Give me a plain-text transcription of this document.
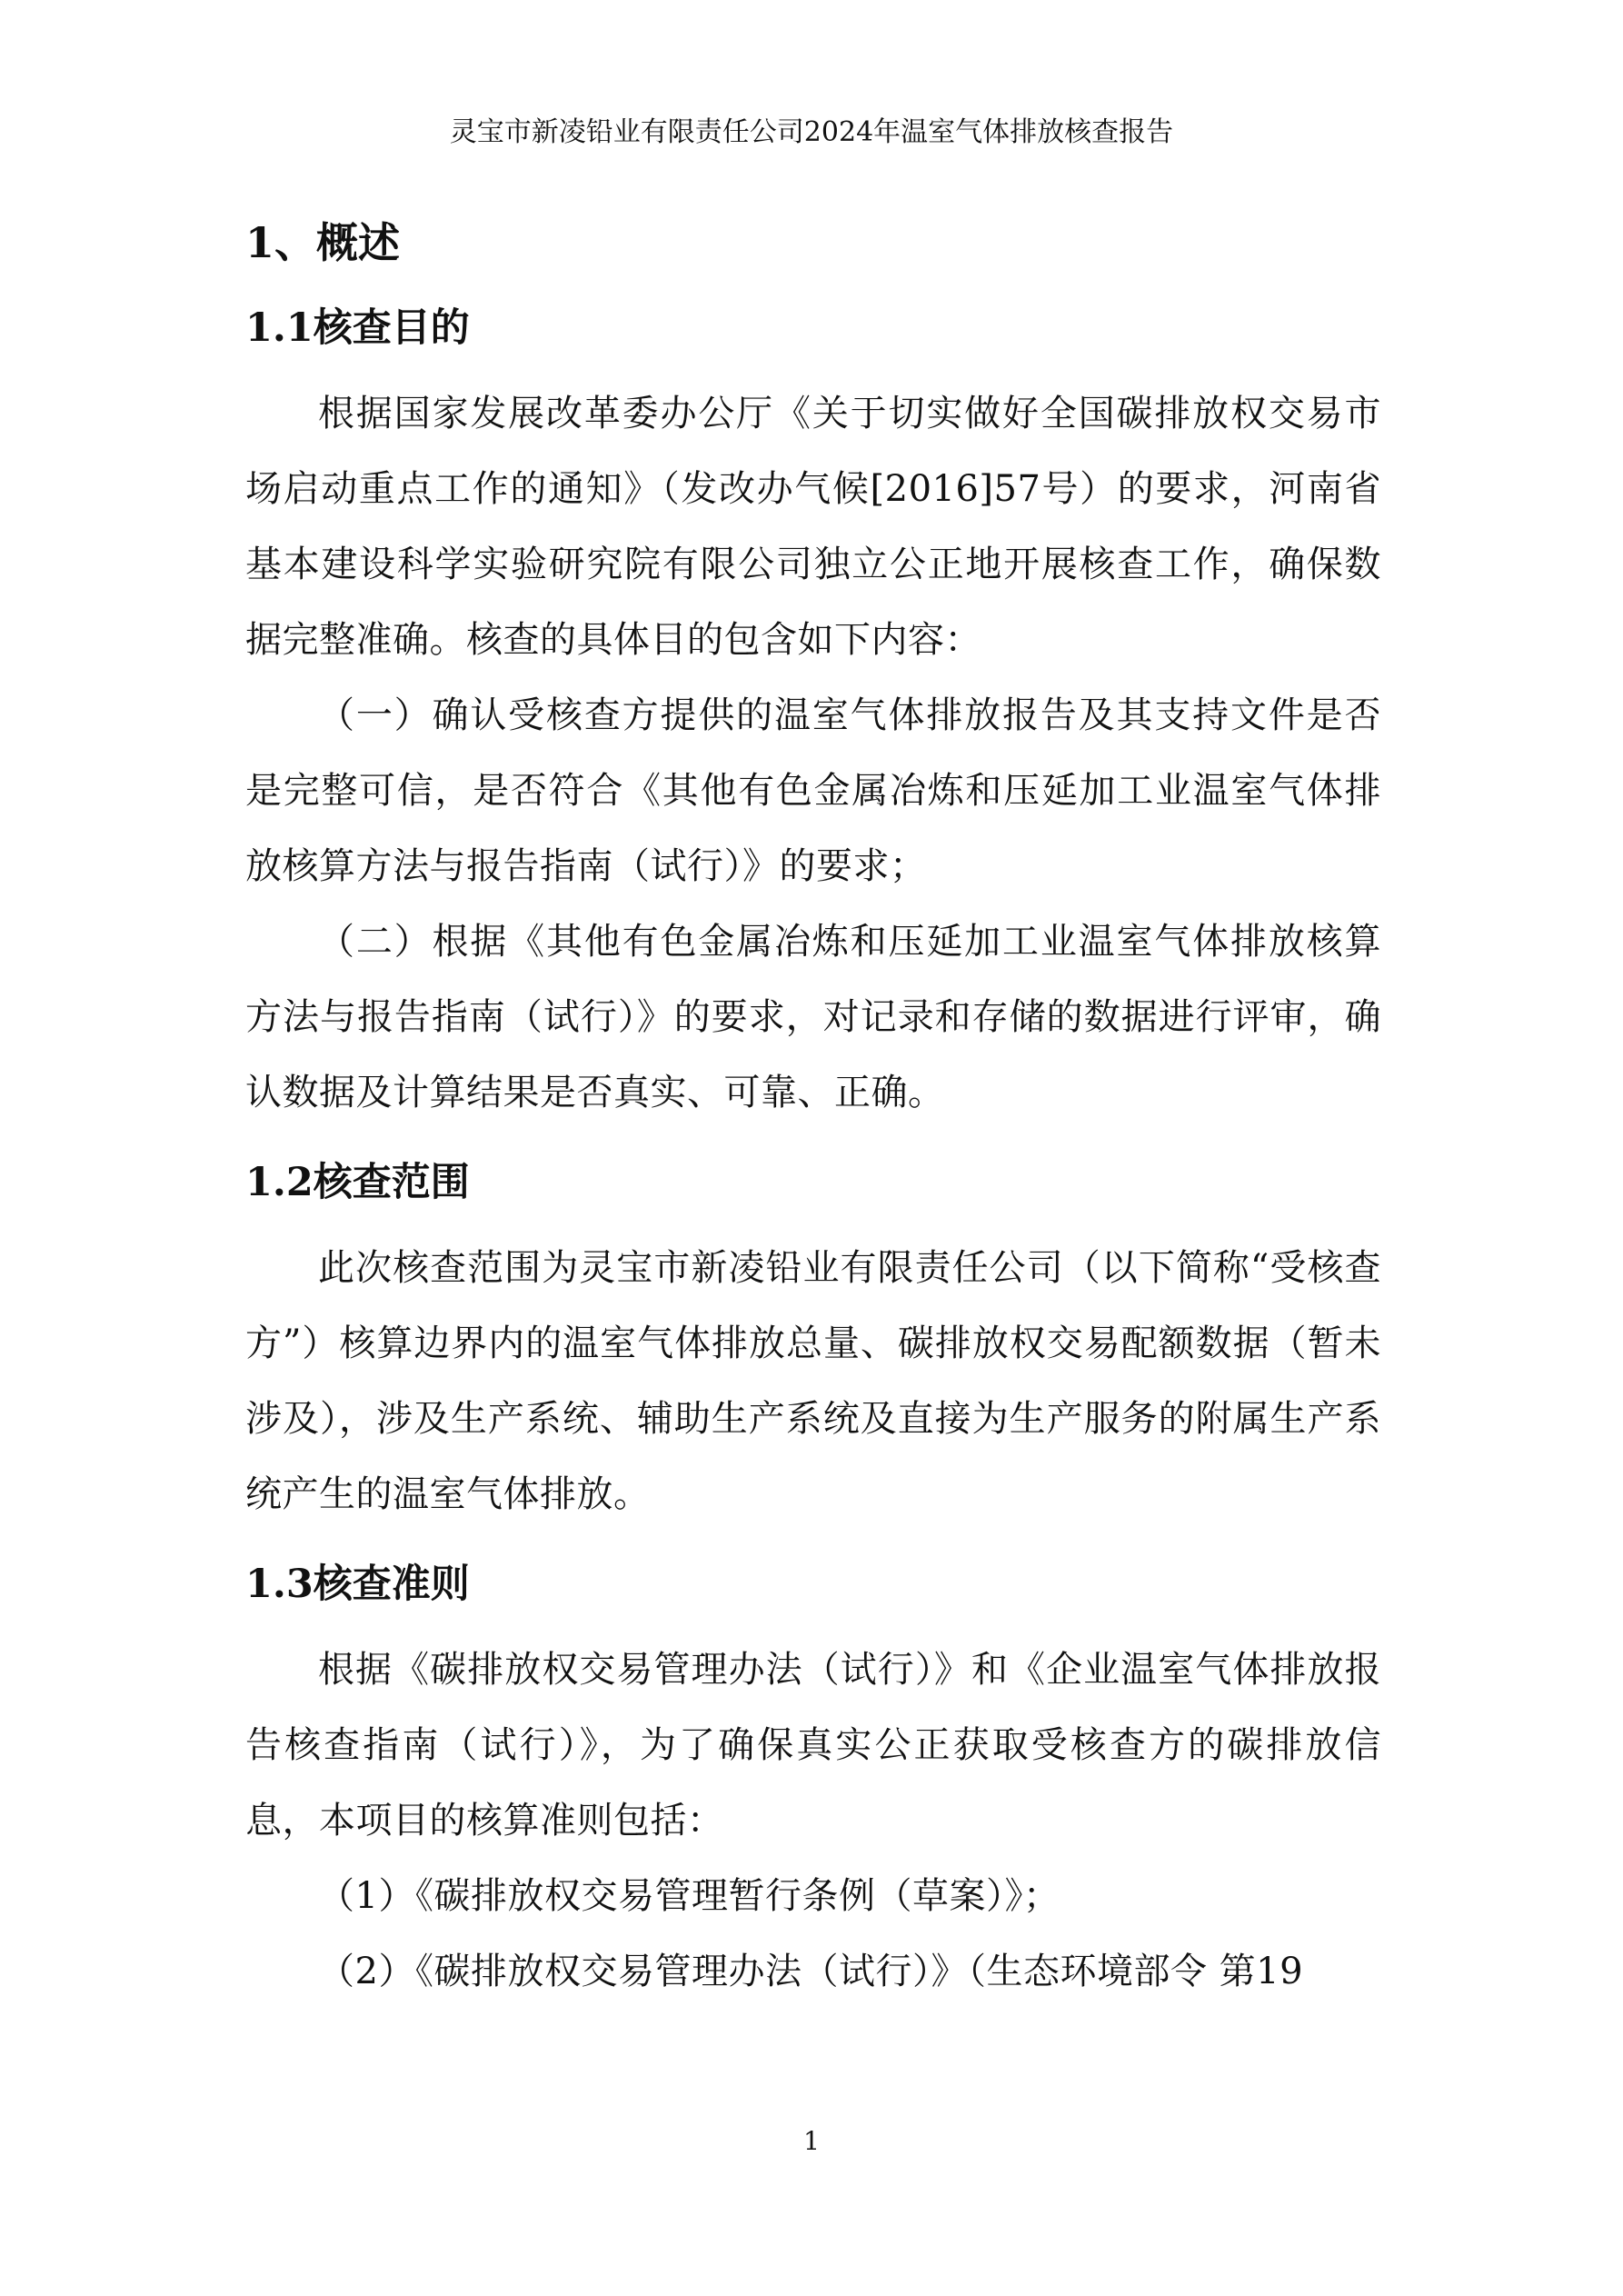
灵宝市新凌铅业有限责任公司2024年温室气体排放核查报告
1、概述
1.1核查目的

根据国家发展改革委办公厅《关于切实做好全国碳排放权交易市场启动重点工作的通知》（发改办气候[2016]57号）的要求，河南省基本建设科学实验研究院有限公司独立公正地开展核查工作，确保数据完整准确。核查的具体目的包含如下内容：

（一）确认受核查方提供的温室气体排放报告及其支持文件是否是完整可信，是否符合《其他有色金属冶炼和压延加工业温室气体排放核算方法与报告指南（试行）》的要求；

（二）根据《其他有色金属冶炼和压延加工业温室气体排放核算方法与报告指南（试行）》的要求，对记录和存储的数据进行评审，确认数据及计算结果是否真实、可靠、正确。

1.2核查范围

此次核查范围为灵宝市新凌铅业有限责任公司（以下简称“受核查方”）核算边界内的温室气体排放总量、碳排放权交易配额数据（暂未涉及），涉及生产系统、辅助生产系统及直接为生产服务的附属生产系统产生的温室气体排放。

1.3核查准则

根据《碳排放权交易管理办法（试行）》和《企业温室气体排放报告核查指南（试行）》，为了确保真实公正获取受核查方的碳排放信息，本项目的核算准则包括：

（1）《碳排放权交易管理暂行条例（草案）》；

（2）《碳排放权交易管理办法（试行）》（生态环境部令 第19

1
